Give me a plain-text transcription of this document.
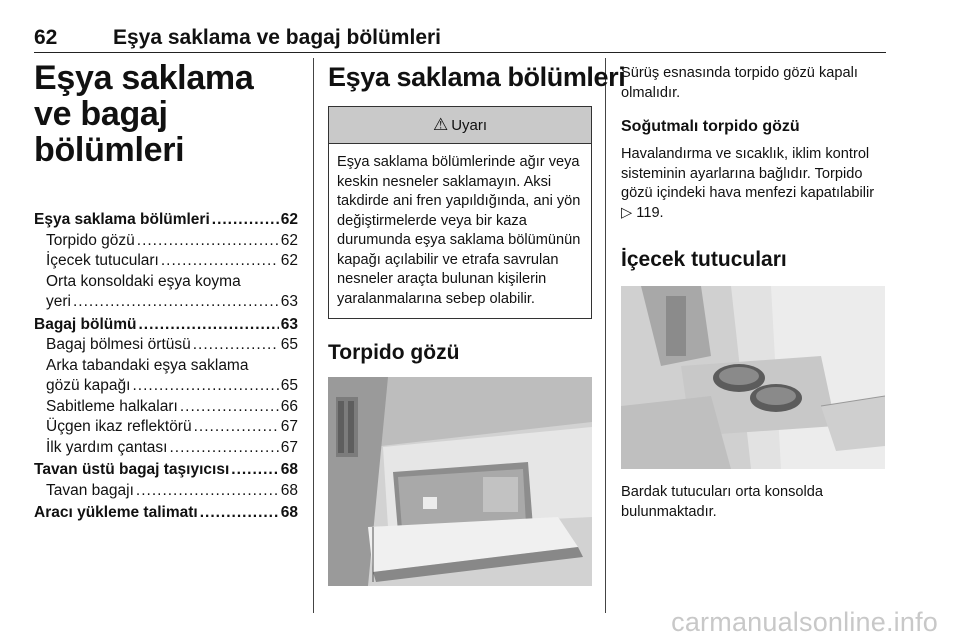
62	Eşya saklama ve bagaj bölümleri
Eşya saklama ve bagaj bölümleri
Eşya saklama bölümleri .....	62
Torpido gözü .....	62
İçecek tutucuları .....	62
Orta konsoldaki eşya koyma
yeri .....	63
Bagaj bölümü .....	63
Bagaj bölmesi örtüsü .....	65
Arka tabandaki eşya saklama
gözü kapağı .....	65
Sabitleme halkaları .....	66
Üçgen ikaz reflektörü .....	67
İlk yardım çantası .....	67
Tavan üstü bagaj taşıyıcısı .....	68
Tavan bagajı .....	68
Aracı yükleme talimatı .....	68
Eşya saklama bölümleri
⚠ Uyarı
Eşya saklama bölümlerinde ağır veya keskin nesneler saklamayın. Aksi takdirde ani fren yapıldığında, ani yön değiştirmelerde veya bir kaza durumunda eşya saklama bölümünün kapağı açılabilir ve etrafa savrulan nesneler araçta bulunan kişilerin yaralanmalarına sebep olabilir.
Torpido gözü

Sürüş esnasında torpido gözü kapalı olmalıdır.

Soğutmalı torpido gözü

Havalandırma ve sıcaklık, iklim kontrol sisteminin ayarlarına bağlıdır. Torpido gözü içindeki hava menfezi kapatılabilir ▷ 119.

İçecek tutucuları

Bardak tutucuları orta konsolda bulunmaktadır.

carmanualsonline.info
